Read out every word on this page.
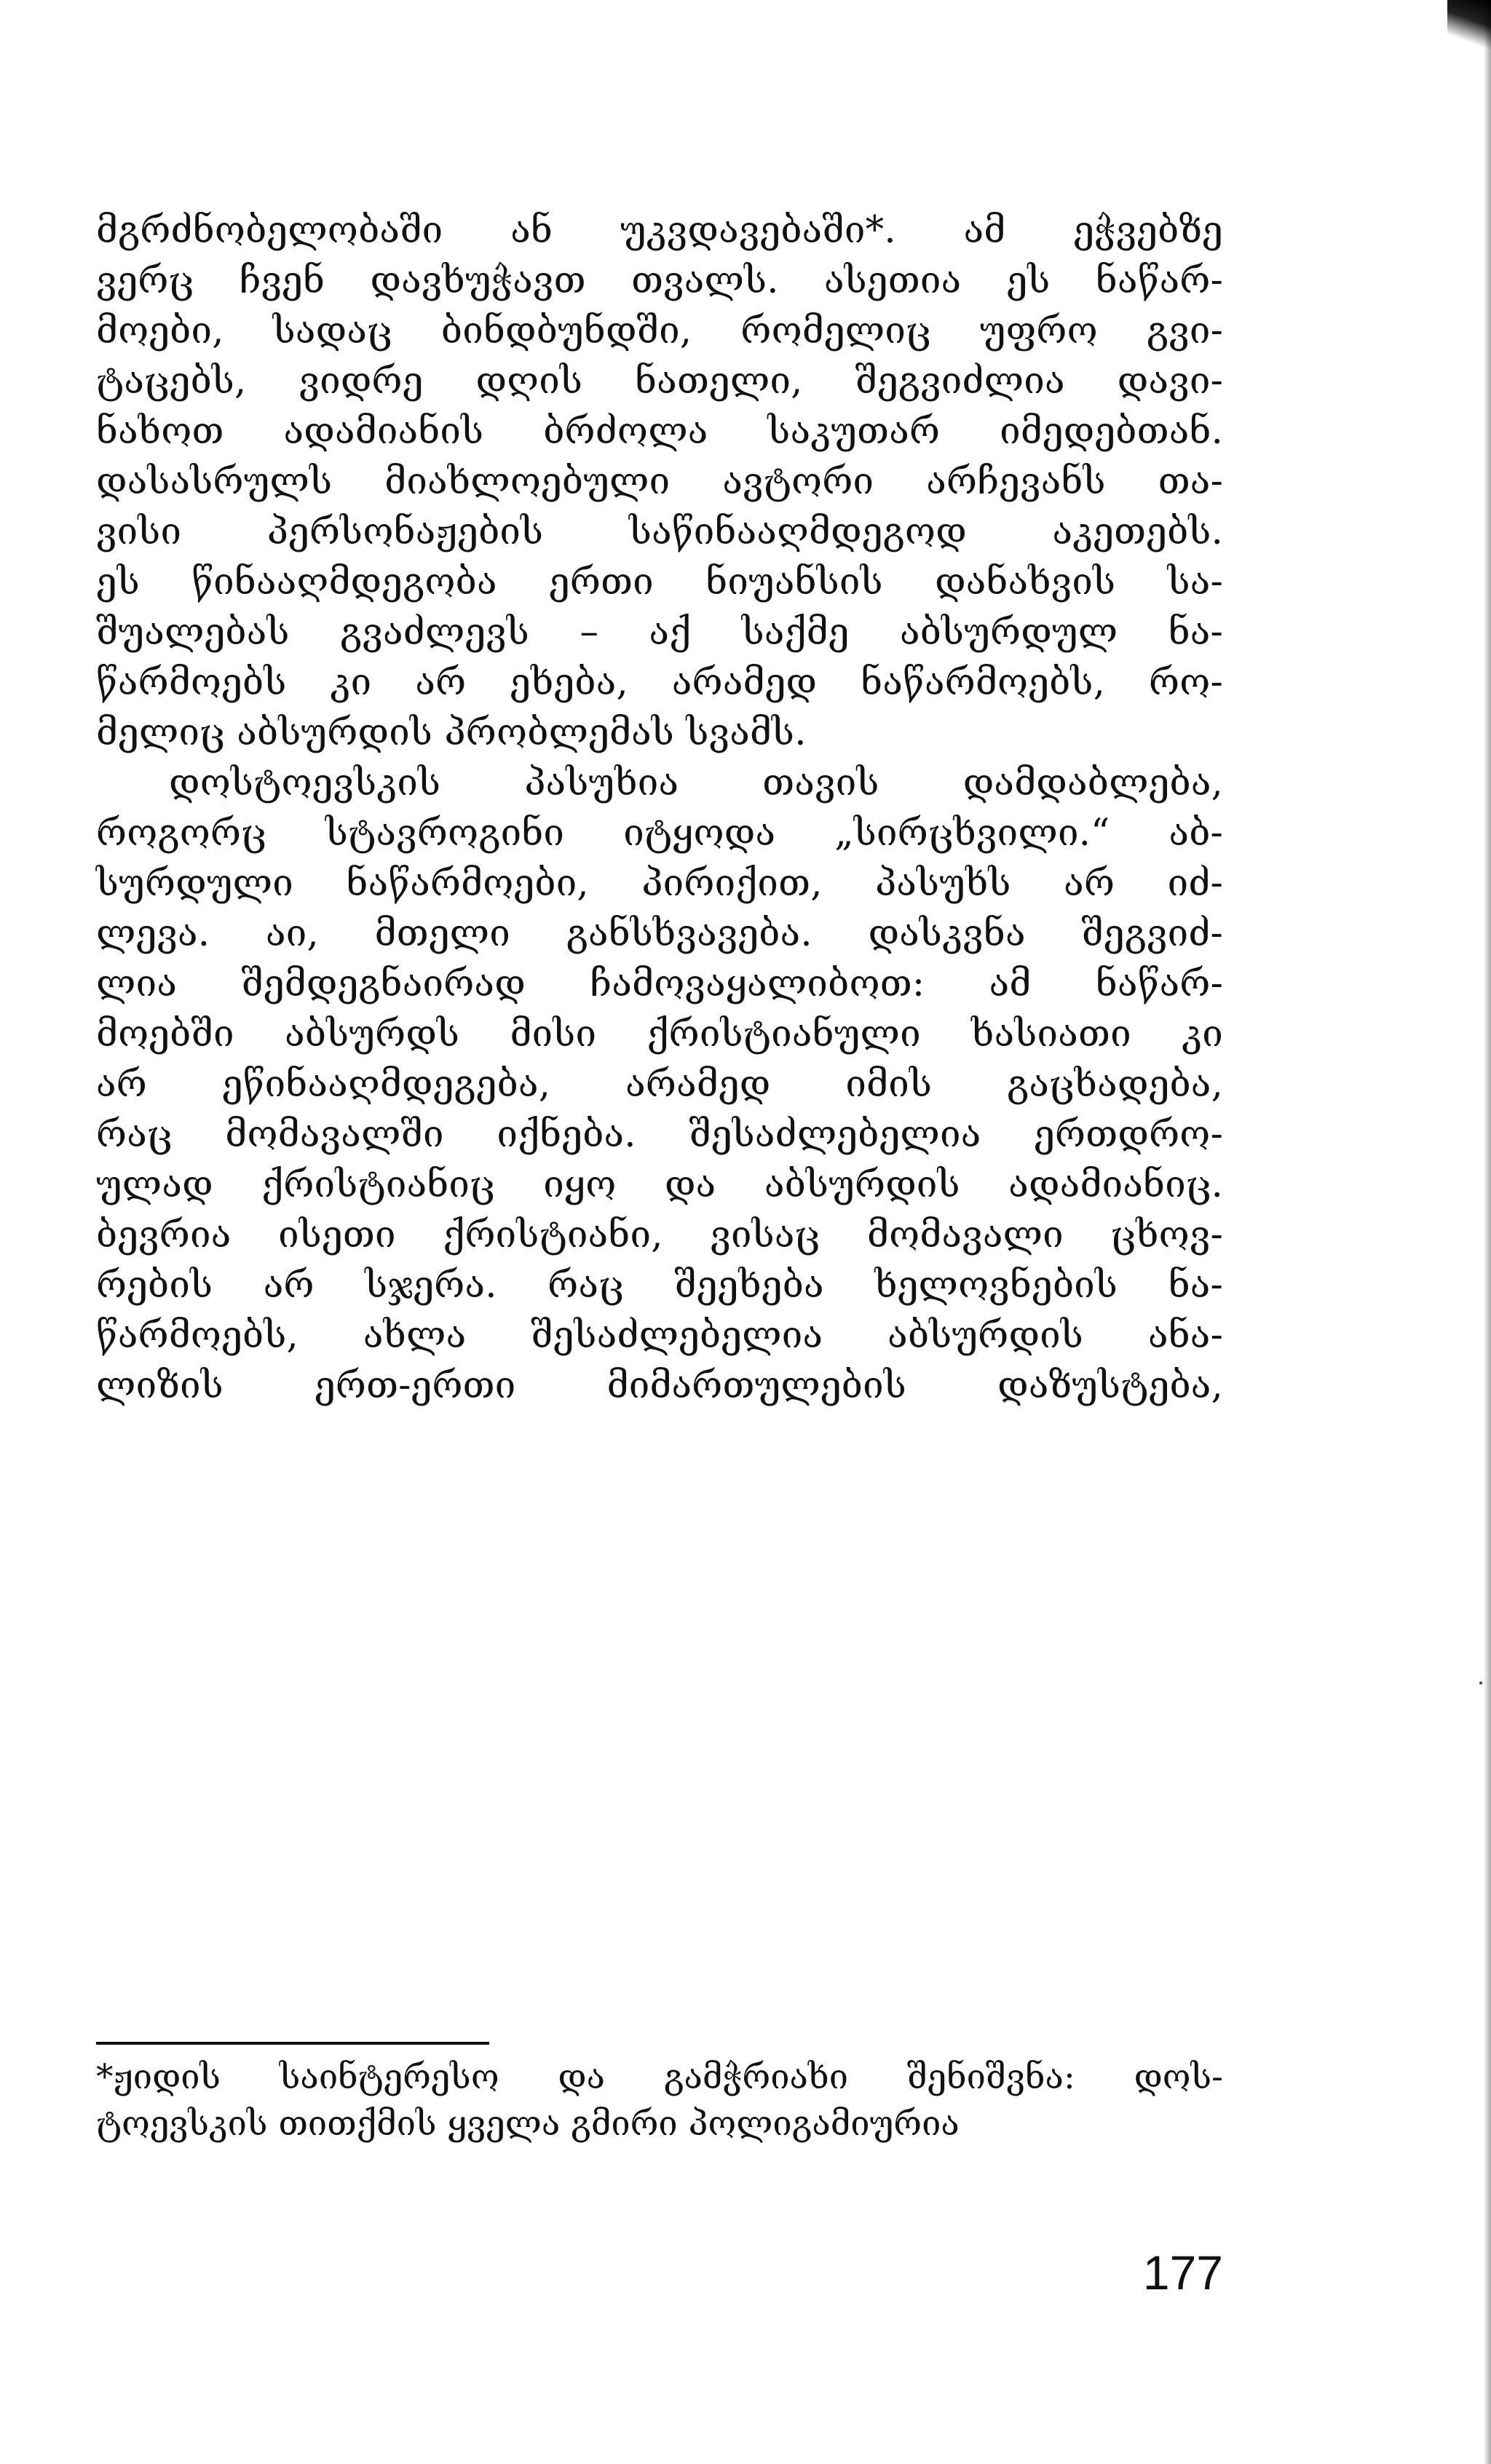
მგრძნობელობაში ან უკვდავებაში*. ამ ეჭვებზე
ვერც ჩვენ დავხუჭავთ თვალს. ასეთია ეს ნაწარ-
მოები, სადაც ბინდბუნდში, რომელიც უფრო გვი-
ტაცებს, ვიდრე დღის ნათელი, შეგვიძლია დავი-
ნახოთ ადამიანის ბრძოლა საკუთარ იმედებთან.
დასასრულს მიახლოებული ავტორი არჩევანს თა-
ვისი პერსონაჟების საწინააღმდეგოდ აკეთებს.
ეს წინააღმდეგობა ერთი ნიუანსის დანახვის სა-
შუალებას გვაძლევს – აქ საქმე აბსურდულ ნა-
წარმოებს კი არ ეხება, არამედ ნაწარმოებს, რო-
მელიც აბსურდის პრობლემას სვამს.

დოსტოევსკის პასუხია თავის დამდაბლება,
როგორც სტავროგინი იტყოდა „სირცხვილი.“ აბ-
სურდული ნაწარმოები, პირიქით, პასუხს არ იძ-
ლევა. აი, მთელი განსხვავება. დასკვნა შეგვიძ-
ლია შემდეგნაირად ჩამოვაყალიბოთ: ამ ნაწარ-
მოებში აბსურდს მისი ქრისტიანული ხასიათი კი
არ ეწინააღმდეგება, არამედ იმის გაცხადება,
რაც მომავალში იქნება. შესაძლებელია ერთდრო-
ულად ქრისტიანიც იყო და აბსურდის ადამიანიც.
ბევრია ისეთი ქრისტიანი, ვისაც მომავალი ცხოვ-
რების არ სჯერა. რაც შეეხება ხელოვნების ნა-
წარმოებს, ახლა შესაძლებელია აბსურდის ანა-
ლიზის ერთ-ერთი მიმართულების დაზუსტება,

*ჟიდის საინტერესო და გამჭრიახი შენიშვნა: დოს-
ტოევსკის თითქმის ყველა გმირი პოლიგამიურია
177
